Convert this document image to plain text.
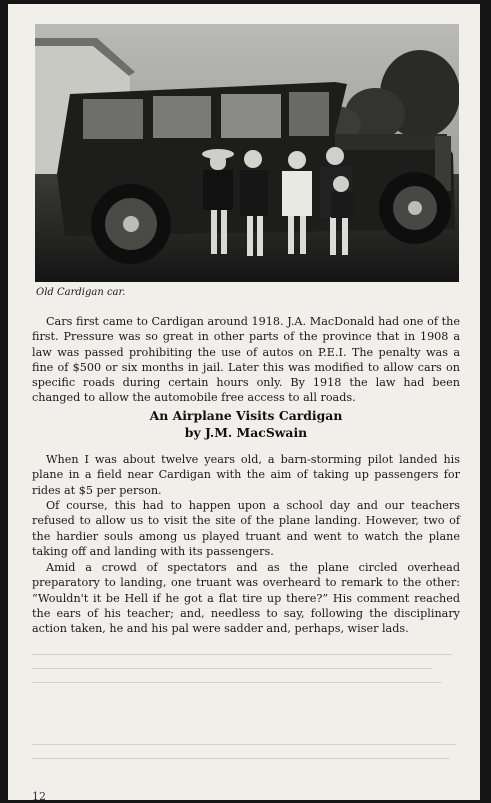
Old Cardigan car.

Cars first came to Cardigan around 1918. J.A. MacDonald had one of the first. Pressure was so great in other parts of the province that in 1908 a law was passed prohibiting the use of autos on P.E.I. The penalty was a fine of $500 or six months in jail. Later this was modified to allow cars on specific roads during certain hours only. By 1918 the law had been changed to allow the automobile free access to all roads.

An Airplane Visits Cardigan
by J.M. MacSwain

When I was about twelve years old, a barn-storming pilot landed his plane in a field near Cardigan with the aim of taking up passengers for rides at $5 per person.

Of course, this had to happen upon a school day and our teachers refused to allow us to visit the site of the plane landing. However, two of the hardier souls among us played truant and went to watch the plane taking off and landing with its passengers.

Amid a crowd of spectators and as the plane circled overhead preparatory to landing, one truant was overheard to remark to the other: “Wouldn't it be Hell if he got a flat tire up there?” His comment reached the ears of his teacher; and, needless to say, following the disciplinary action taken, he and his pal were sadder and, perhaps, wiser lads.

12
